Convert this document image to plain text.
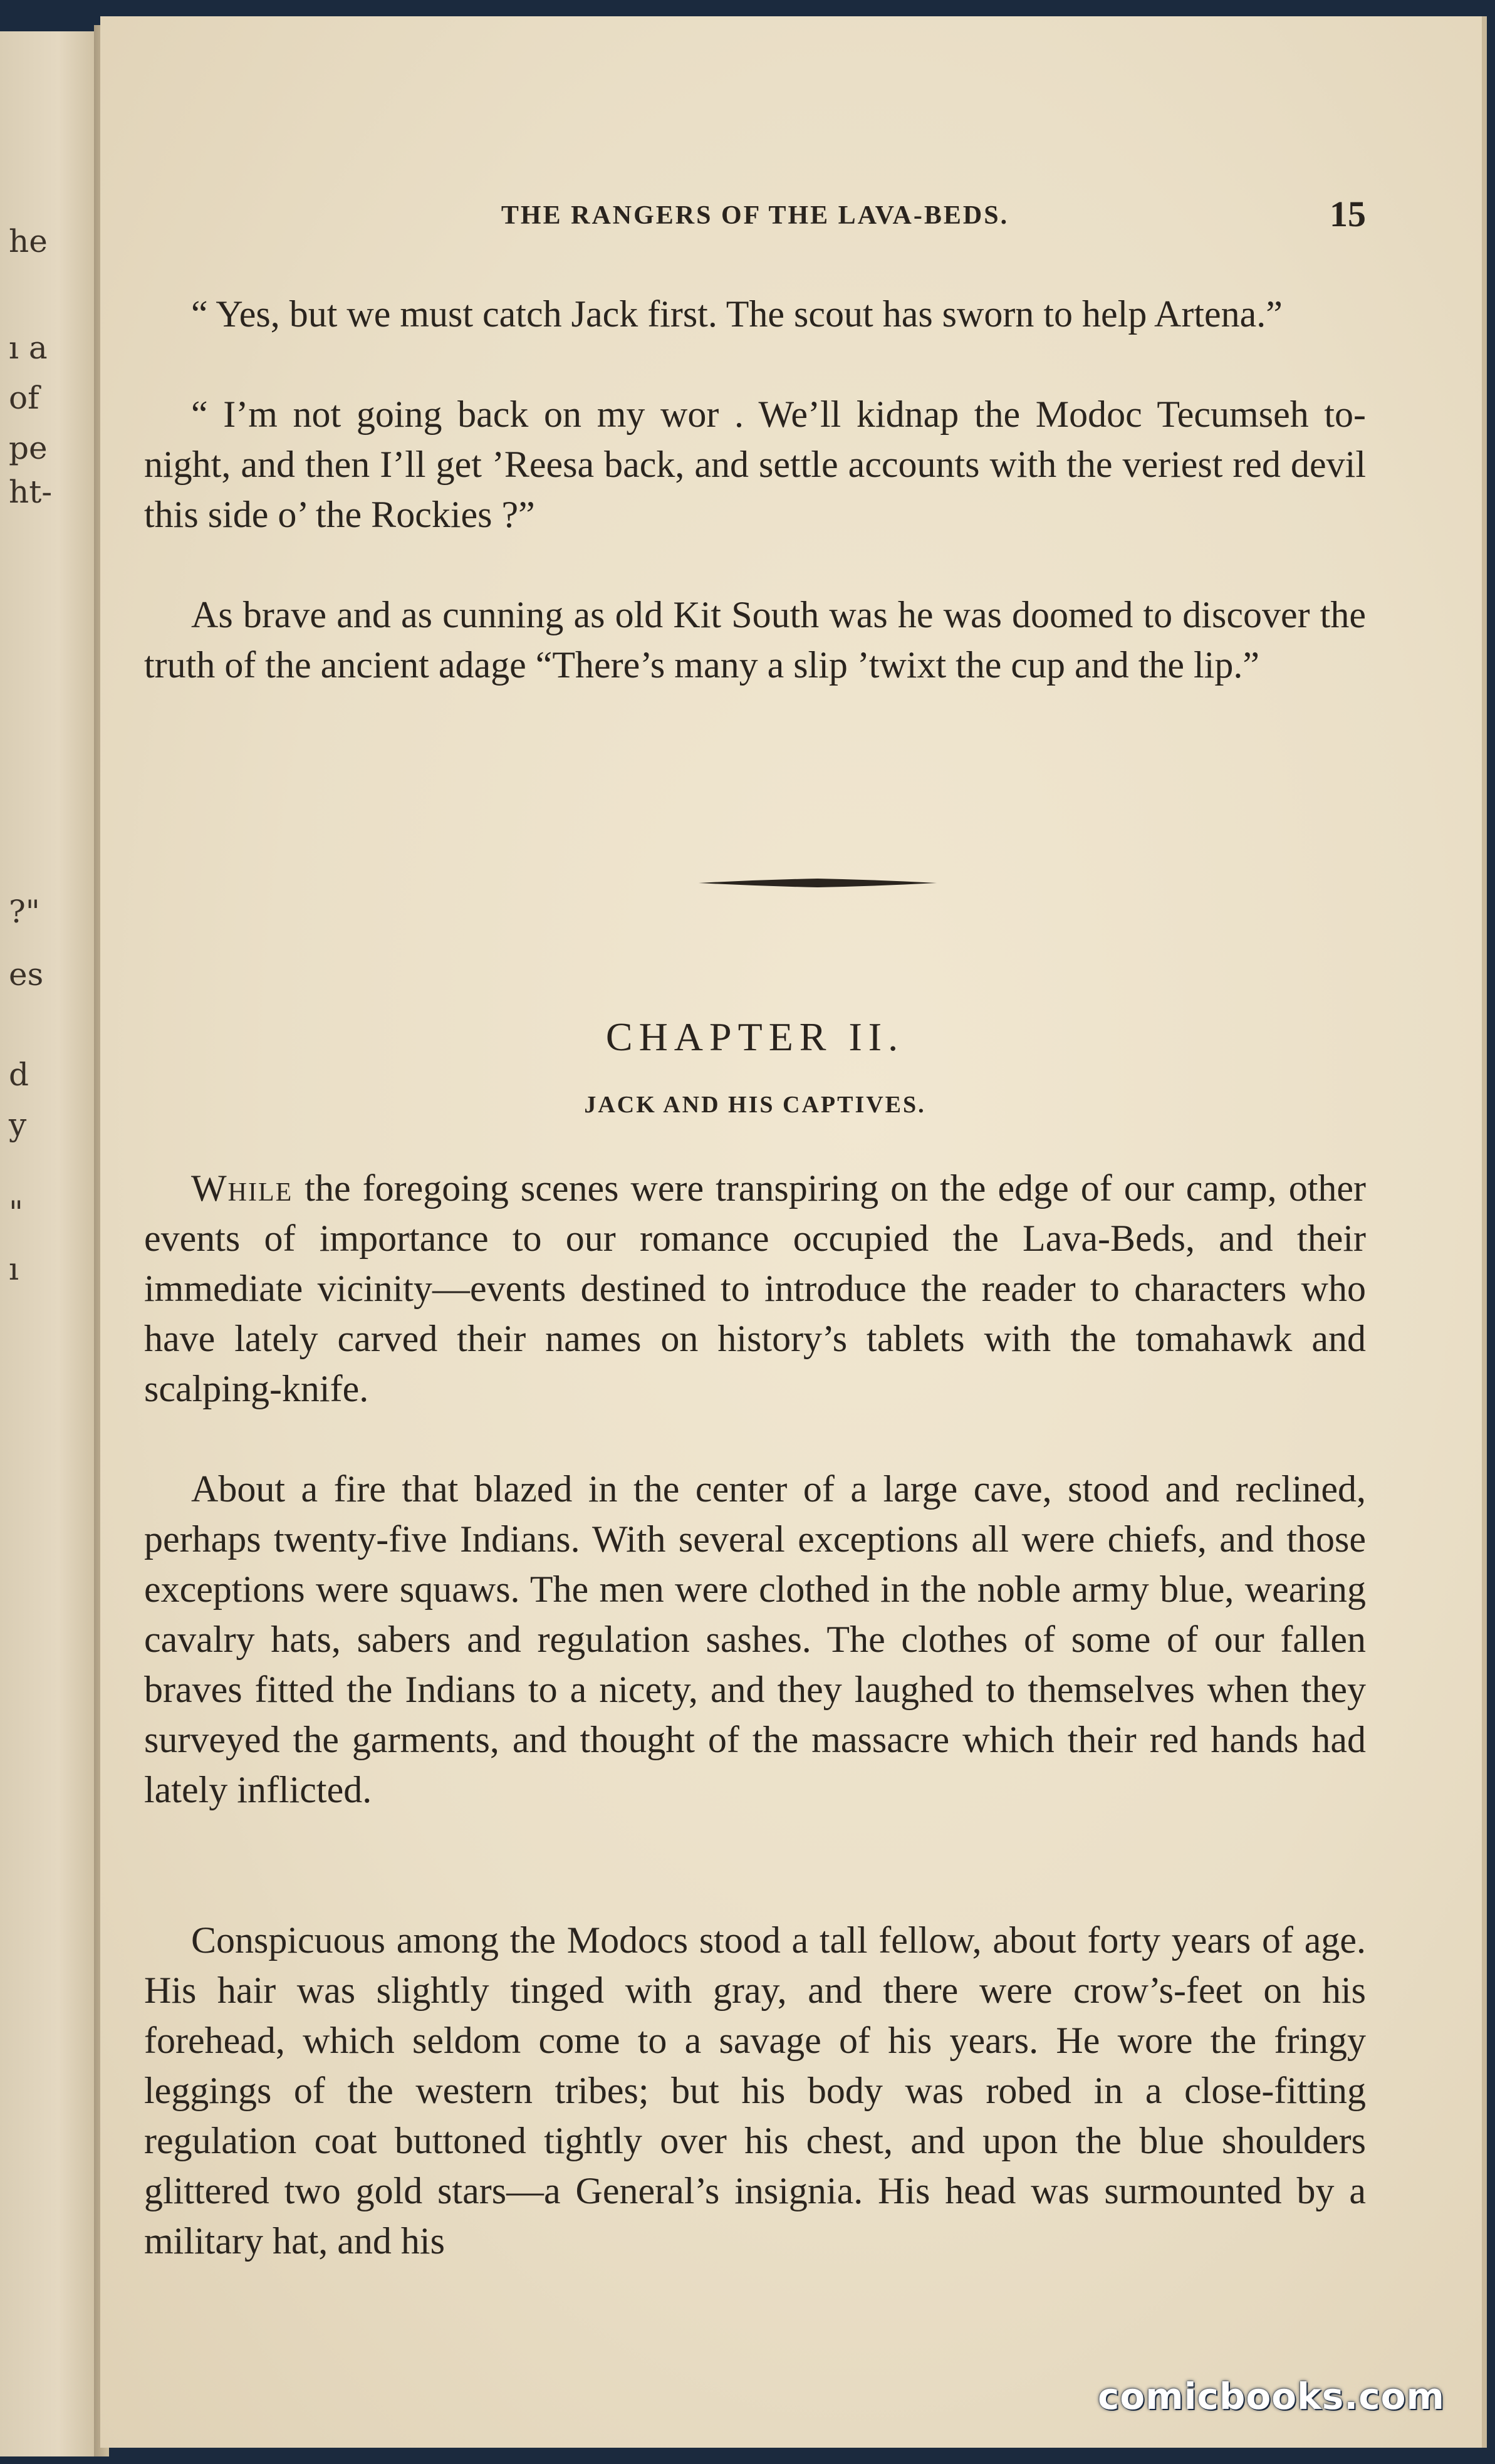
he

ı a

of

pe

ht-

?"

es

d

y

"

ı

THE RANGERS OF THE LAVA-BEDS.	15

“ Yes, but we must catch Jack first. The scout has sworn to help Artena.”

“ I’m not going back on my wor . We’ll kidnap the Modoc Tecumseh to-night, and then I’ll get ’Reesa back, and settle accounts with the veriest red devil this side o’ the Rockies ?”

As brave and as cunning as old Kit South was he was doomed to discover the truth of the ancient adage “There’s many a slip ’twixt the cup and the lip.”

CHAPTER II.
JACK AND HIS CAPTIVES.

While the foregoing scenes were transpiring on the edge of our camp, other events of importance to our romance occupied the Lava-Beds, and their immediate vicinity—events destined to introduce the reader to characters who have lately carved their names on history’s tablets with the tomahawk and scalping-knife.

About a fire that blazed in the center of a large cave, stood and reclined, perhaps twenty-five Indians. With several exceptions all were chiefs, and those exceptions were squaws. The men were clothed in the noble army blue, wearing cavalry hats, sabers and regulation sashes. The clothes of some of our fallen braves fitted the Indians to a nicety, and they laughed to themselves when they surveyed the garments, and thought of the massacre which their red hands had lately inflicted.

Conspicuous among the Modocs stood a tall fellow, about forty years of age. His hair was slightly tinged with gray, and there were crow’s-feet on his forehead, which seldom come to a savage of his years. He wore the fringy leggings of the western tribes; but his body was robed in a close-fitting regulation coat buttoned tightly over his chest, and upon the blue shoulders glittered two gold stars—a General’s insignia. His head was surmounted by a military hat, and his

comicbooks.com
